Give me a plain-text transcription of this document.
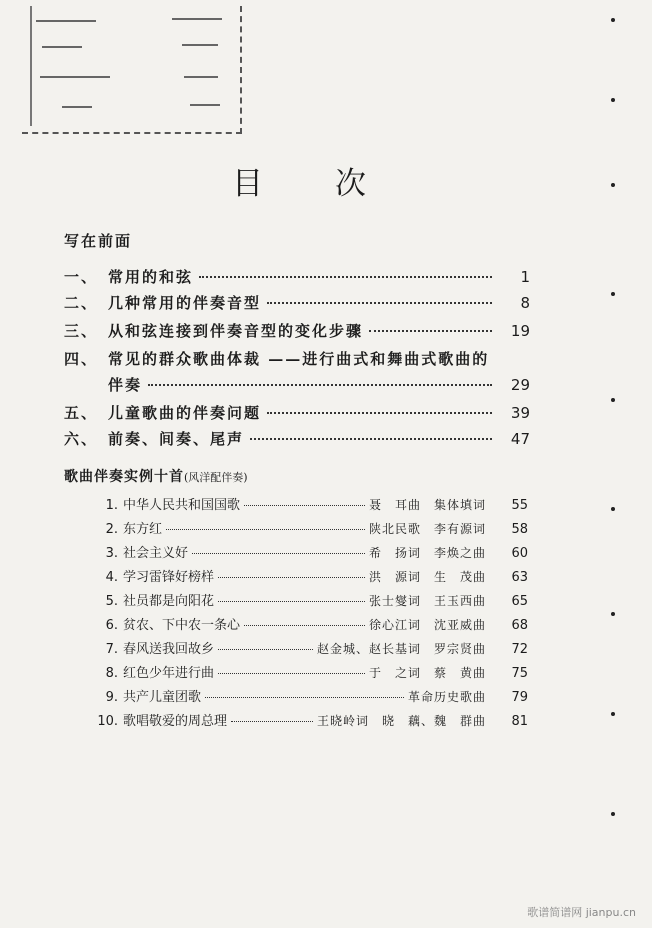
目 次
写在前面
一、 常用的和弦	1
二、 几种常用的伴奏音型	8
三、 从和弦连接到伴奏音型的变化步骤	19
四、 常见的群众歌曲体裁 ——进行曲式和舞曲式歌曲的
伴奏	29
五、 儿童歌曲的伴奏问题	39
六、 前奏、间奏、尾声	47
歌曲伴奏实例十首(风洋配伴奏)
1. 中华人民共和国国歌	聂　耳曲　集体填词	55
2. 东方红	陕北民歌　李有源词	58
3. 社会主义好	希　扬词　李焕之曲	60
4. 学习雷锋好榜样	洪　源词　生　茂曲	63
5. 社员都是向阳花	张士燮词　王玉西曲	65
6. 贫农、下中农一条心	徐心江词　沈亚威曲	68
7. 春风送我回故乡	赵金城、赵长基词　罗宗贤曲	72
8. 红色少年进行曲	于　之词　蔡　黄曲	75
9. 共产儿童团歌	革命历史歌曲	79
10. 歌唱敬爱的周总理	王晓岭词　晓　藕、魏　群曲	81
歌谱简谱网 jianpu.cn
